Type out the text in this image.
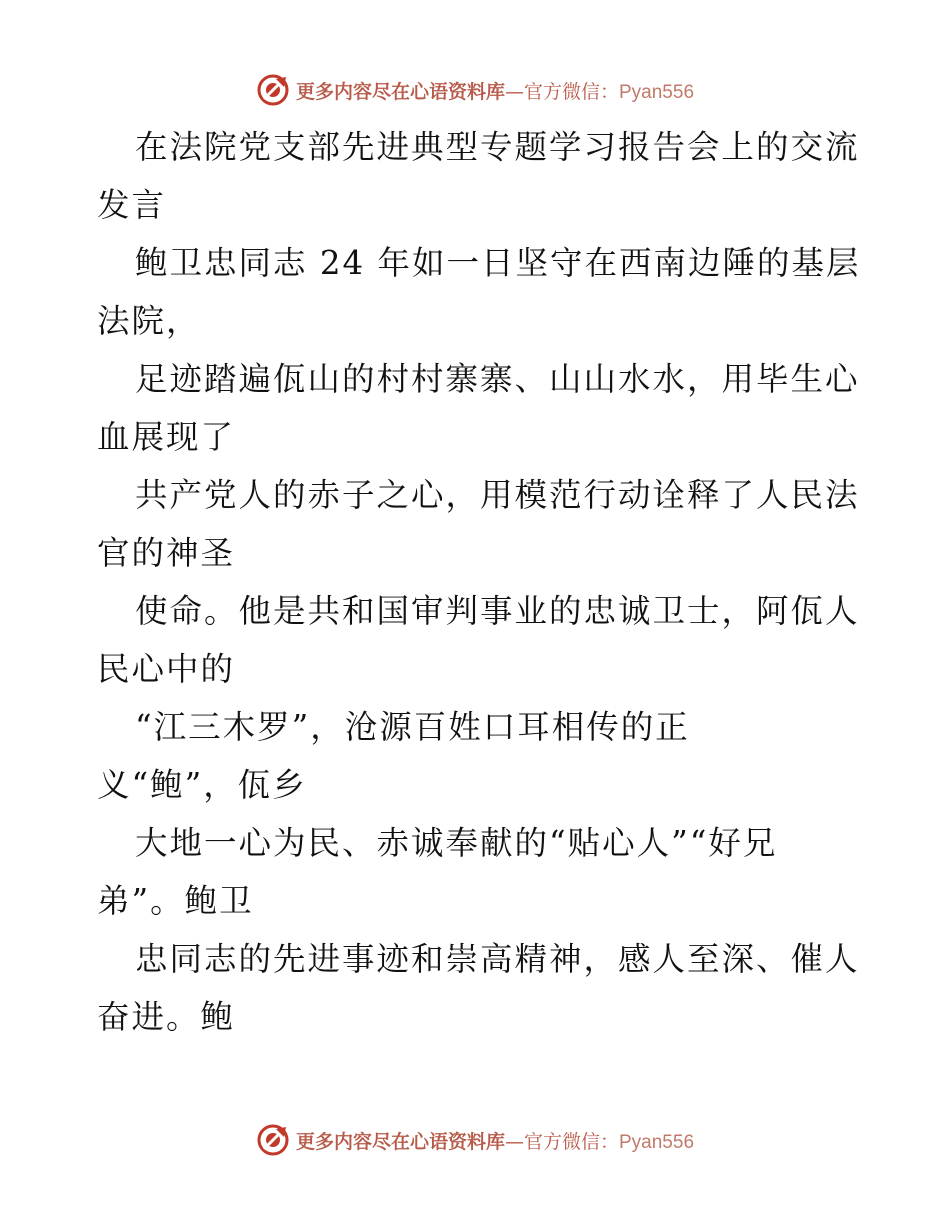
更多内容尽在心语资料库—官方微信：Pyan556

在法院党支部先进典型专题学习报告会上的交流

发言

鲍卫忠同志 24 年如一日坚守在西南边陲的基层

法院，

足迹踏遍佤山的村村寨寨、山山水水，用毕生心

血展现了

共产党人的赤子之心，用模范行动诠释了人民法

官的神圣

使命。他是共和国审判事业的忠诚卫士，阿佤人

民心中的

“江三木罗”，沧源百姓口耳相传的正

义“鲍”，佤乡

大地一心为民、赤诚奉献的“贴心人”“好兄

弟”。鲍卫

忠同志的先进事迹和崇高精神，感人至深、催人

奋进。鲍

更多内容尽在心语资料库—官方微信：Pyan556
